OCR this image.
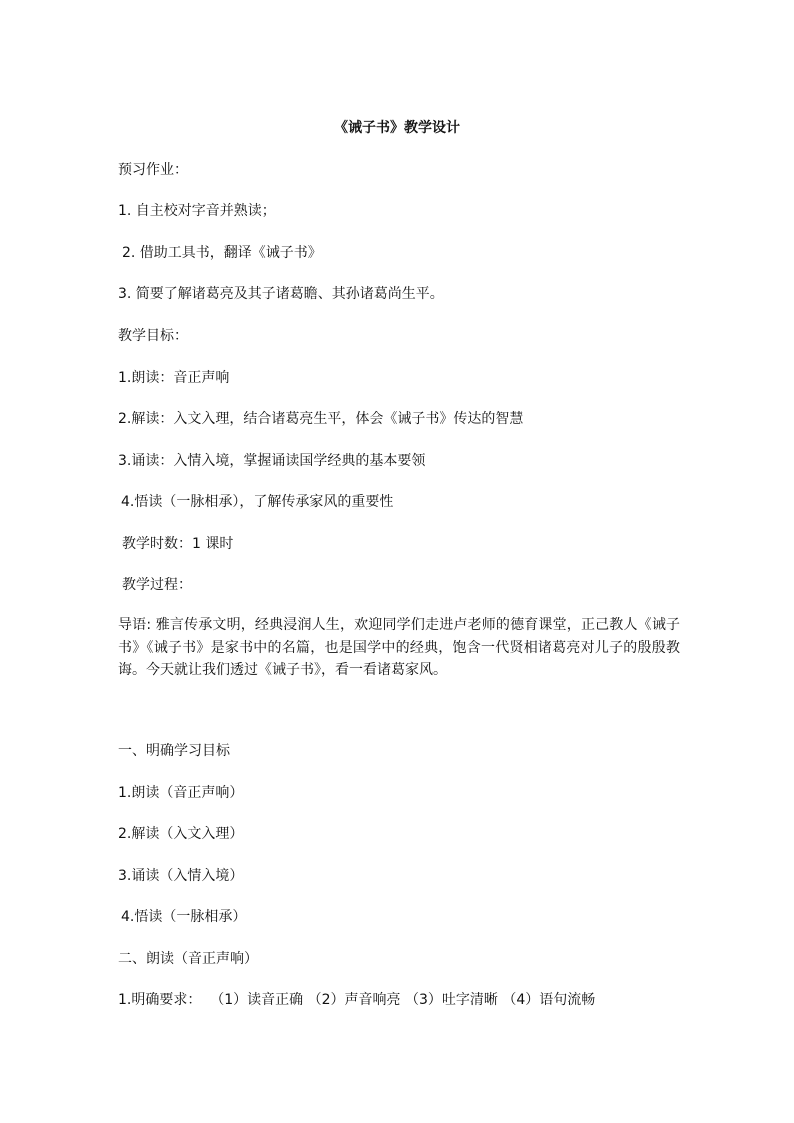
《诫子书》教学设计
预习作业：
1. 自主校对字音并熟读；
2. 借助工具书，翻译《诫子书》
3. 简要了解诸葛亮及其子诸葛瞻、其孙诸葛尚生平。
教学目标：
1.朗读：音正声响
2.解读：入文入理，结合诸葛亮生平，体会《诫子书》传达的智慧
3.诵读：入情入境，掌握诵读国学经典的基本要领
4.悟读（一脉相承），了解传承家风的重要性
教学时数：1 课时
教学过程：
导语: 雅言传承文明，经典浸润人生，欢迎同学们走进卢老师的德育课堂，正己教人《诫子书》《诫子书》是家书中的名篇，也是国学中的经典，饱含一代贤相诸葛亮对儿子的殷殷教诲。今天就让我们透过《诫子书》，看一看诸葛家风。
一、明确学习目标
1.朗读（音正声响）
2.解读（入文入理）
3.诵读（入情入境）
4.悟读（一脉相承）
二、朗读（音正声响）
1.明确要求：  （1）读音正确 （2）声音响亮 （3）吐字清晰 （4）语句流畅
